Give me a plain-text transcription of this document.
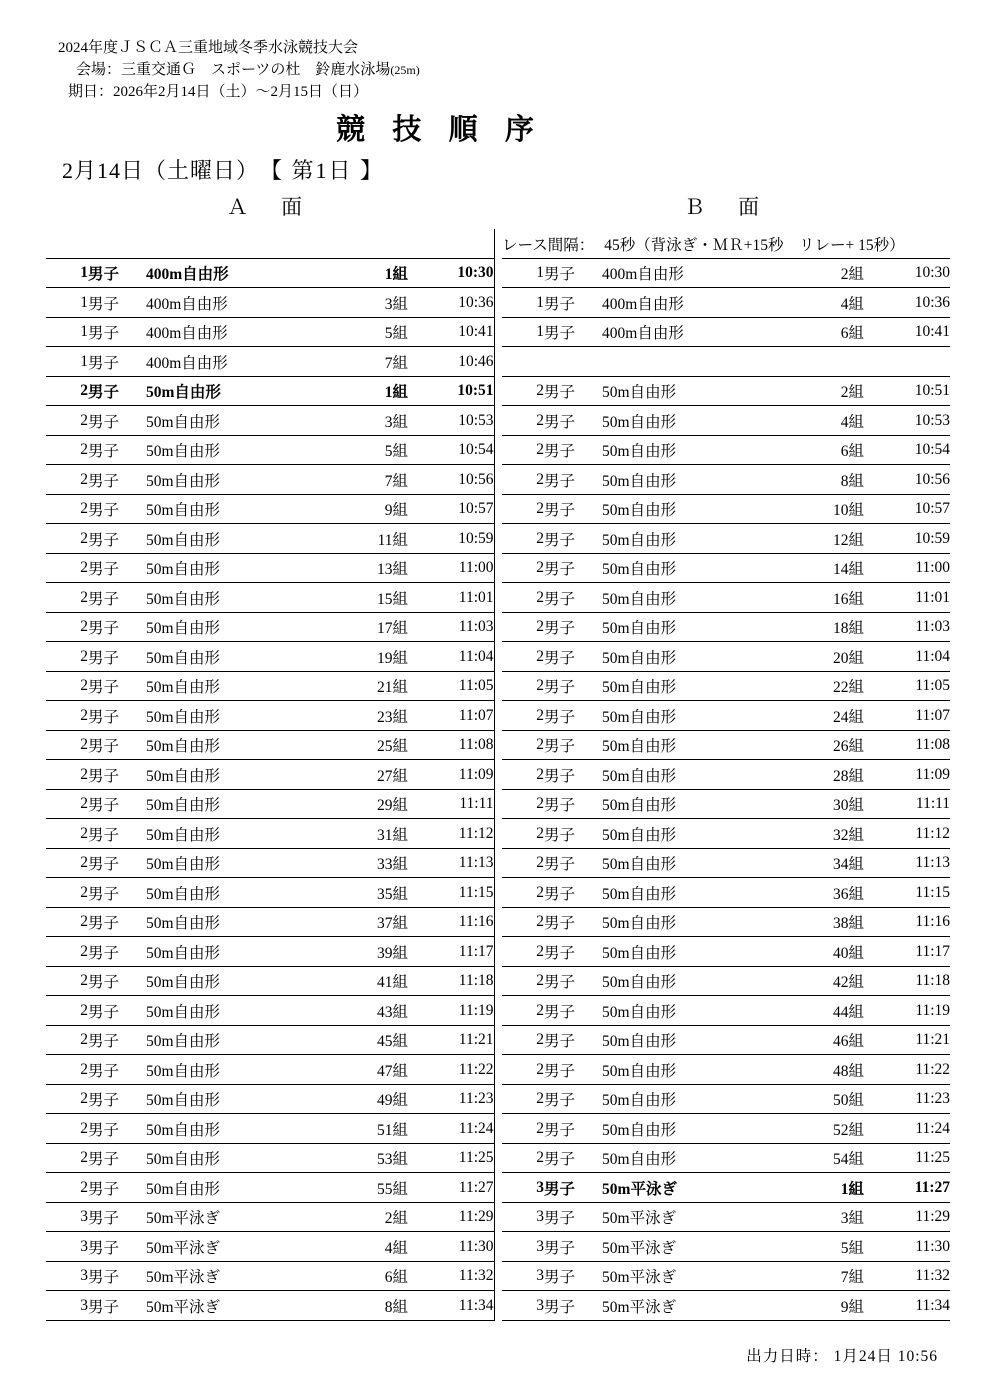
2024年度ＪＳＣＡ三重地域冬季水泳競技大会
会場：三重交通Ｇ　スポーツの杜　鈴鹿水泳場(25m)
期日：2026年2月14日（土）〜2月15日（日）
競 技 順 序
2月14日（土曜日） 【 第1日 】
Ａ 面	Ｂ 面
						レース間隔： 45秒（背泳ぎ・ＭＲ+15秒　リレー+ 15秒）				
1	男子	400m自由形	1組	10:30		1	男子	400m自由形	2組	10:30
1	男子	400m自由形	3組	10:36		1	男子	400m自由形	4組	10:36
1	男子	400m自由形	5組	10:41		1	男子	400m自由形	6組	10:41
1	男子	400m自由形	7組	10:46						
2	男子	50m自由形	1組	10:51		2	男子	50m自由形	2組	10:51
2	男子	50m自由形	3組	10:53		2	男子	50m自由形	4組	10:53
2	男子	50m自由形	5組	10:54		2	男子	50m自由形	6組	10:54
2	男子	50m自由形	7組	10:56		2	男子	50m自由形	8組	10:56
2	男子	50m自由形	9組	10:57		2	男子	50m自由形	10組	10:57
2	男子	50m自由形	11組	10:59		2	男子	50m自由形	12組	10:59
2	男子	50m自由形	13組	11:00		2	男子	50m自由形	14組	11:00
2	男子	50m自由形	15組	11:01		2	男子	50m自由形	16組	11:01
2	男子	50m自由形	17組	11:03		2	男子	50m自由形	18組	11:03
2	男子	50m自由形	19組	11:04		2	男子	50m自由形	20組	11:04
2	男子	50m自由形	21組	11:05		2	男子	50m自由形	22組	11:05
2	男子	50m自由形	23組	11:07		2	男子	50m自由形	24組	11:07
2	男子	50m自由形	25組	11:08		2	男子	50m自由形	26組	11:08
2	男子	50m自由形	27組	11:09		2	男子	50m自由形	28組	11:09
2	男子	50m自由形	29組	11:11		2	男子	50m自由形	30組	11:11
2	男子	50m自由形	31組	11:12		2	男子	50m自由形	32組	11:12
2	男子	50m自由形	33組	11:13		2	男子	50m自由形	34組	11:13
2	男子	50m自由形	35組	11:15		2	男子	50m自由形	36組	11:15
2	男子	50m自由形	37組	11:16		2	男子	50m自由形	38組	11:16
2	男子	50m自由形	39組	11:17		2	男子	50m自由形	40組	11:17
2	男子	50m自由形	41組	11:18		2	男子	50m自由形	42組	11:18
2	男子	50m自由形	43組	11:19		2	男子	50m自由形	44組	11:19
2	男子	50m自由形	45組	11:21		2	男子	50m自由形	46組	11:21
2	男子	50m自由形	47組	11:22		2	男子	50m自由形	48組	11:22
2	男子	50m自由形	49組	11:23		2	男子	50m自由形	50組	11:23
2	男子	50m自由形	51組	11:24		2	男子	50m自由形	52組	11:24
2	男子	50m自由形	53組	11:25		2	男子	50m自由形	54組	11:25
2	男子	50m自由形	55組	11:27		3	男子	50m平泳ぎ	1組	11:27
3	男子	50m平泳ぎ	2組	11:29		3	男子	50m平泳ぎ	3組	11:29
3	男子	50m平泳ぎ	4組	11:30		3	男子	50m平泳ぎ	5組	11:30
3	男子	50m平泳ぎ	6組	11:32		3	男子	50m平泳ぎ	7組	11:32
3	男子	50m平泳ぎ	8組	11:34		3	男子	50m平泳ぎ	9組	11:34
出力日時： 1月24日 10:56
